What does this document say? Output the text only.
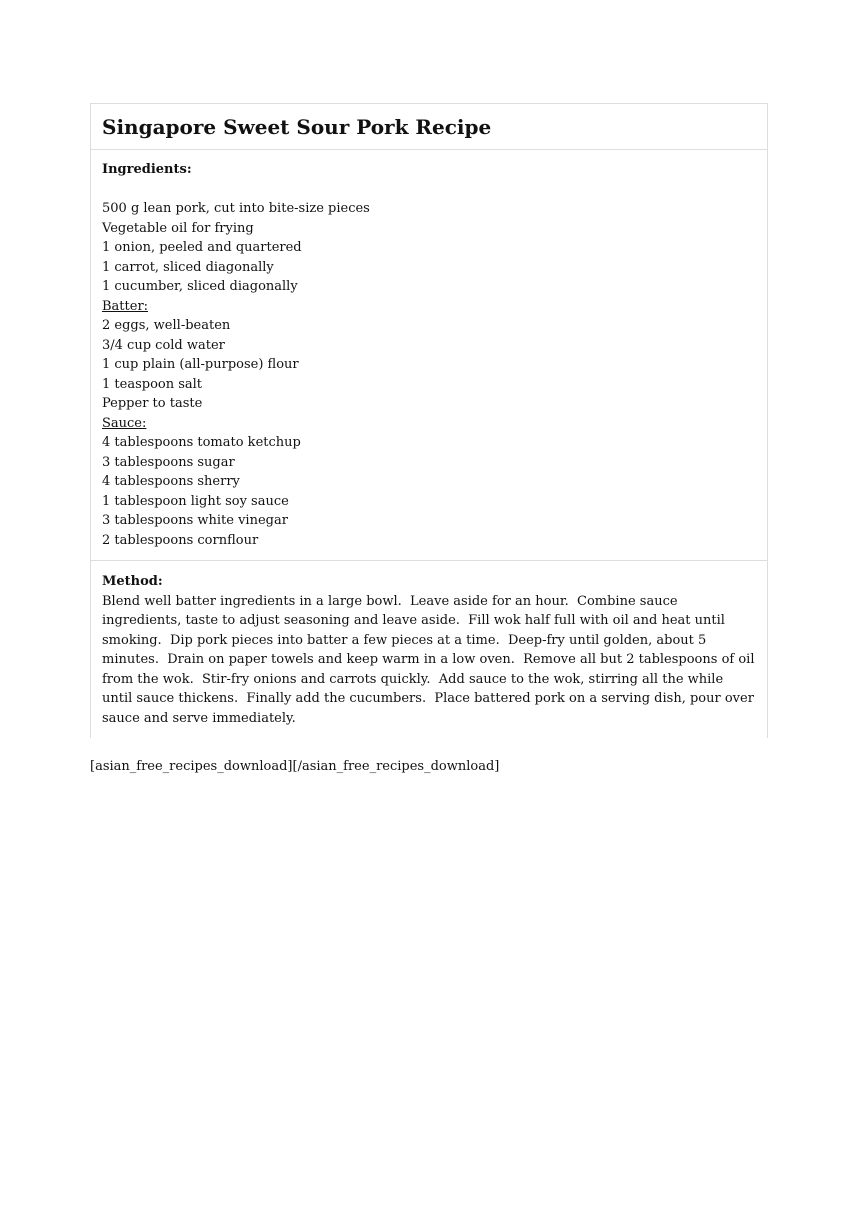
Singapore Sweet Sour Pork Recipe
Ingredients:
500 g lean pork, cut into bite-size pieces
Vegetable oil for frying
1 onion, peeled and quartered
1 carrot, sliced diagonally
1 cucumber, sliced diagonally
Batter:
2 eggs, well-beaten
3/4 cup cold water
1 cup plain (all-purpose) flour
1 teaspoon salt
Pepper to taste
Sauce:
4 tablespoons tomato ketchup
3 tablespoons sugar
4 tablespoons sherry
1 tablespoon light soy sauce
3 tablespoons white vinegar
2 tablespoons cornflour
Method:

Blend well batter ingredients in a large bowl.  Leave aside for an hour.  Combine sauce ingredients, taste to adjust seasoning and leave aside.  Fill wok half full with oil and heat until smoking.  Dip pork pieces into batter a few pieces at a time.  Deep-fry until golden, about 5 minutes.  Drain on paper towels and keep warm in a low oven.  Remove all but 2 tablespoons of oil from the wok.  Stir-fry onions and carrots quickly.  Add sauce to the wok, stirring all the while until sauce thickens.  Finally add the cucumbers.  Place battered pork on a serving dish, pour over sauce and serve immediately.

[asian_free_recipes_download][/asian_free_recipes_download]
